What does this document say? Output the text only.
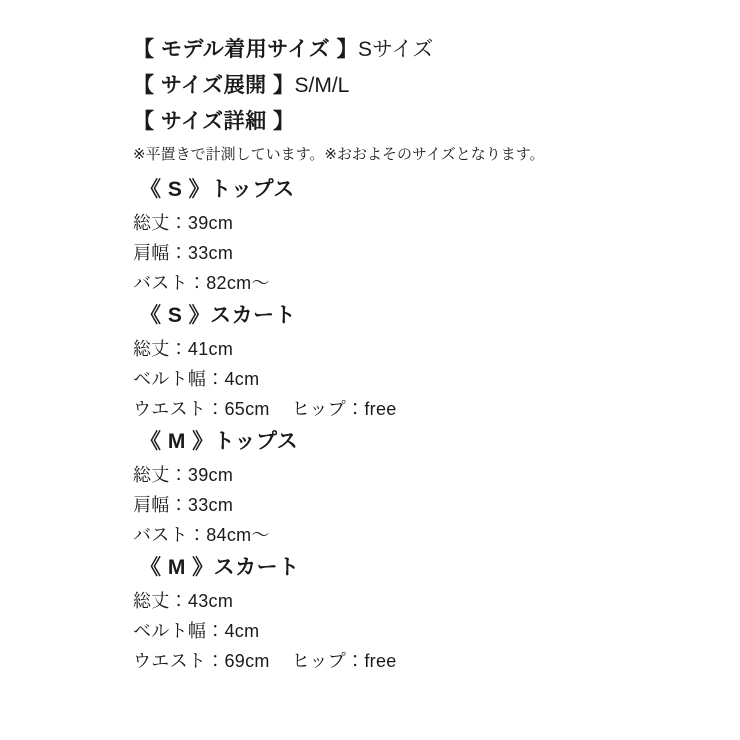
【 モデル着用サイズ 】Sサイズ
【 サイズ展開 】S/M/L
【 サイズ詳細 】
※平置きで計測しています。※おおよそのサイズとなります。
《 S 》トップス
総丈：39cm
肩幅：33cm
バスト：82cm〜
《 S 》スカート
総丈：41cm
ベルト幅：4cm
ウエスト：65cm ヒップ：free
《 M 》トップス
総丈：39cm
肩幅：33cm
バスト：84cm〜
《 M 》スカート
総丈：43cm
ベルト幅：4cm
ウエスト：69cm ヒップ：free
